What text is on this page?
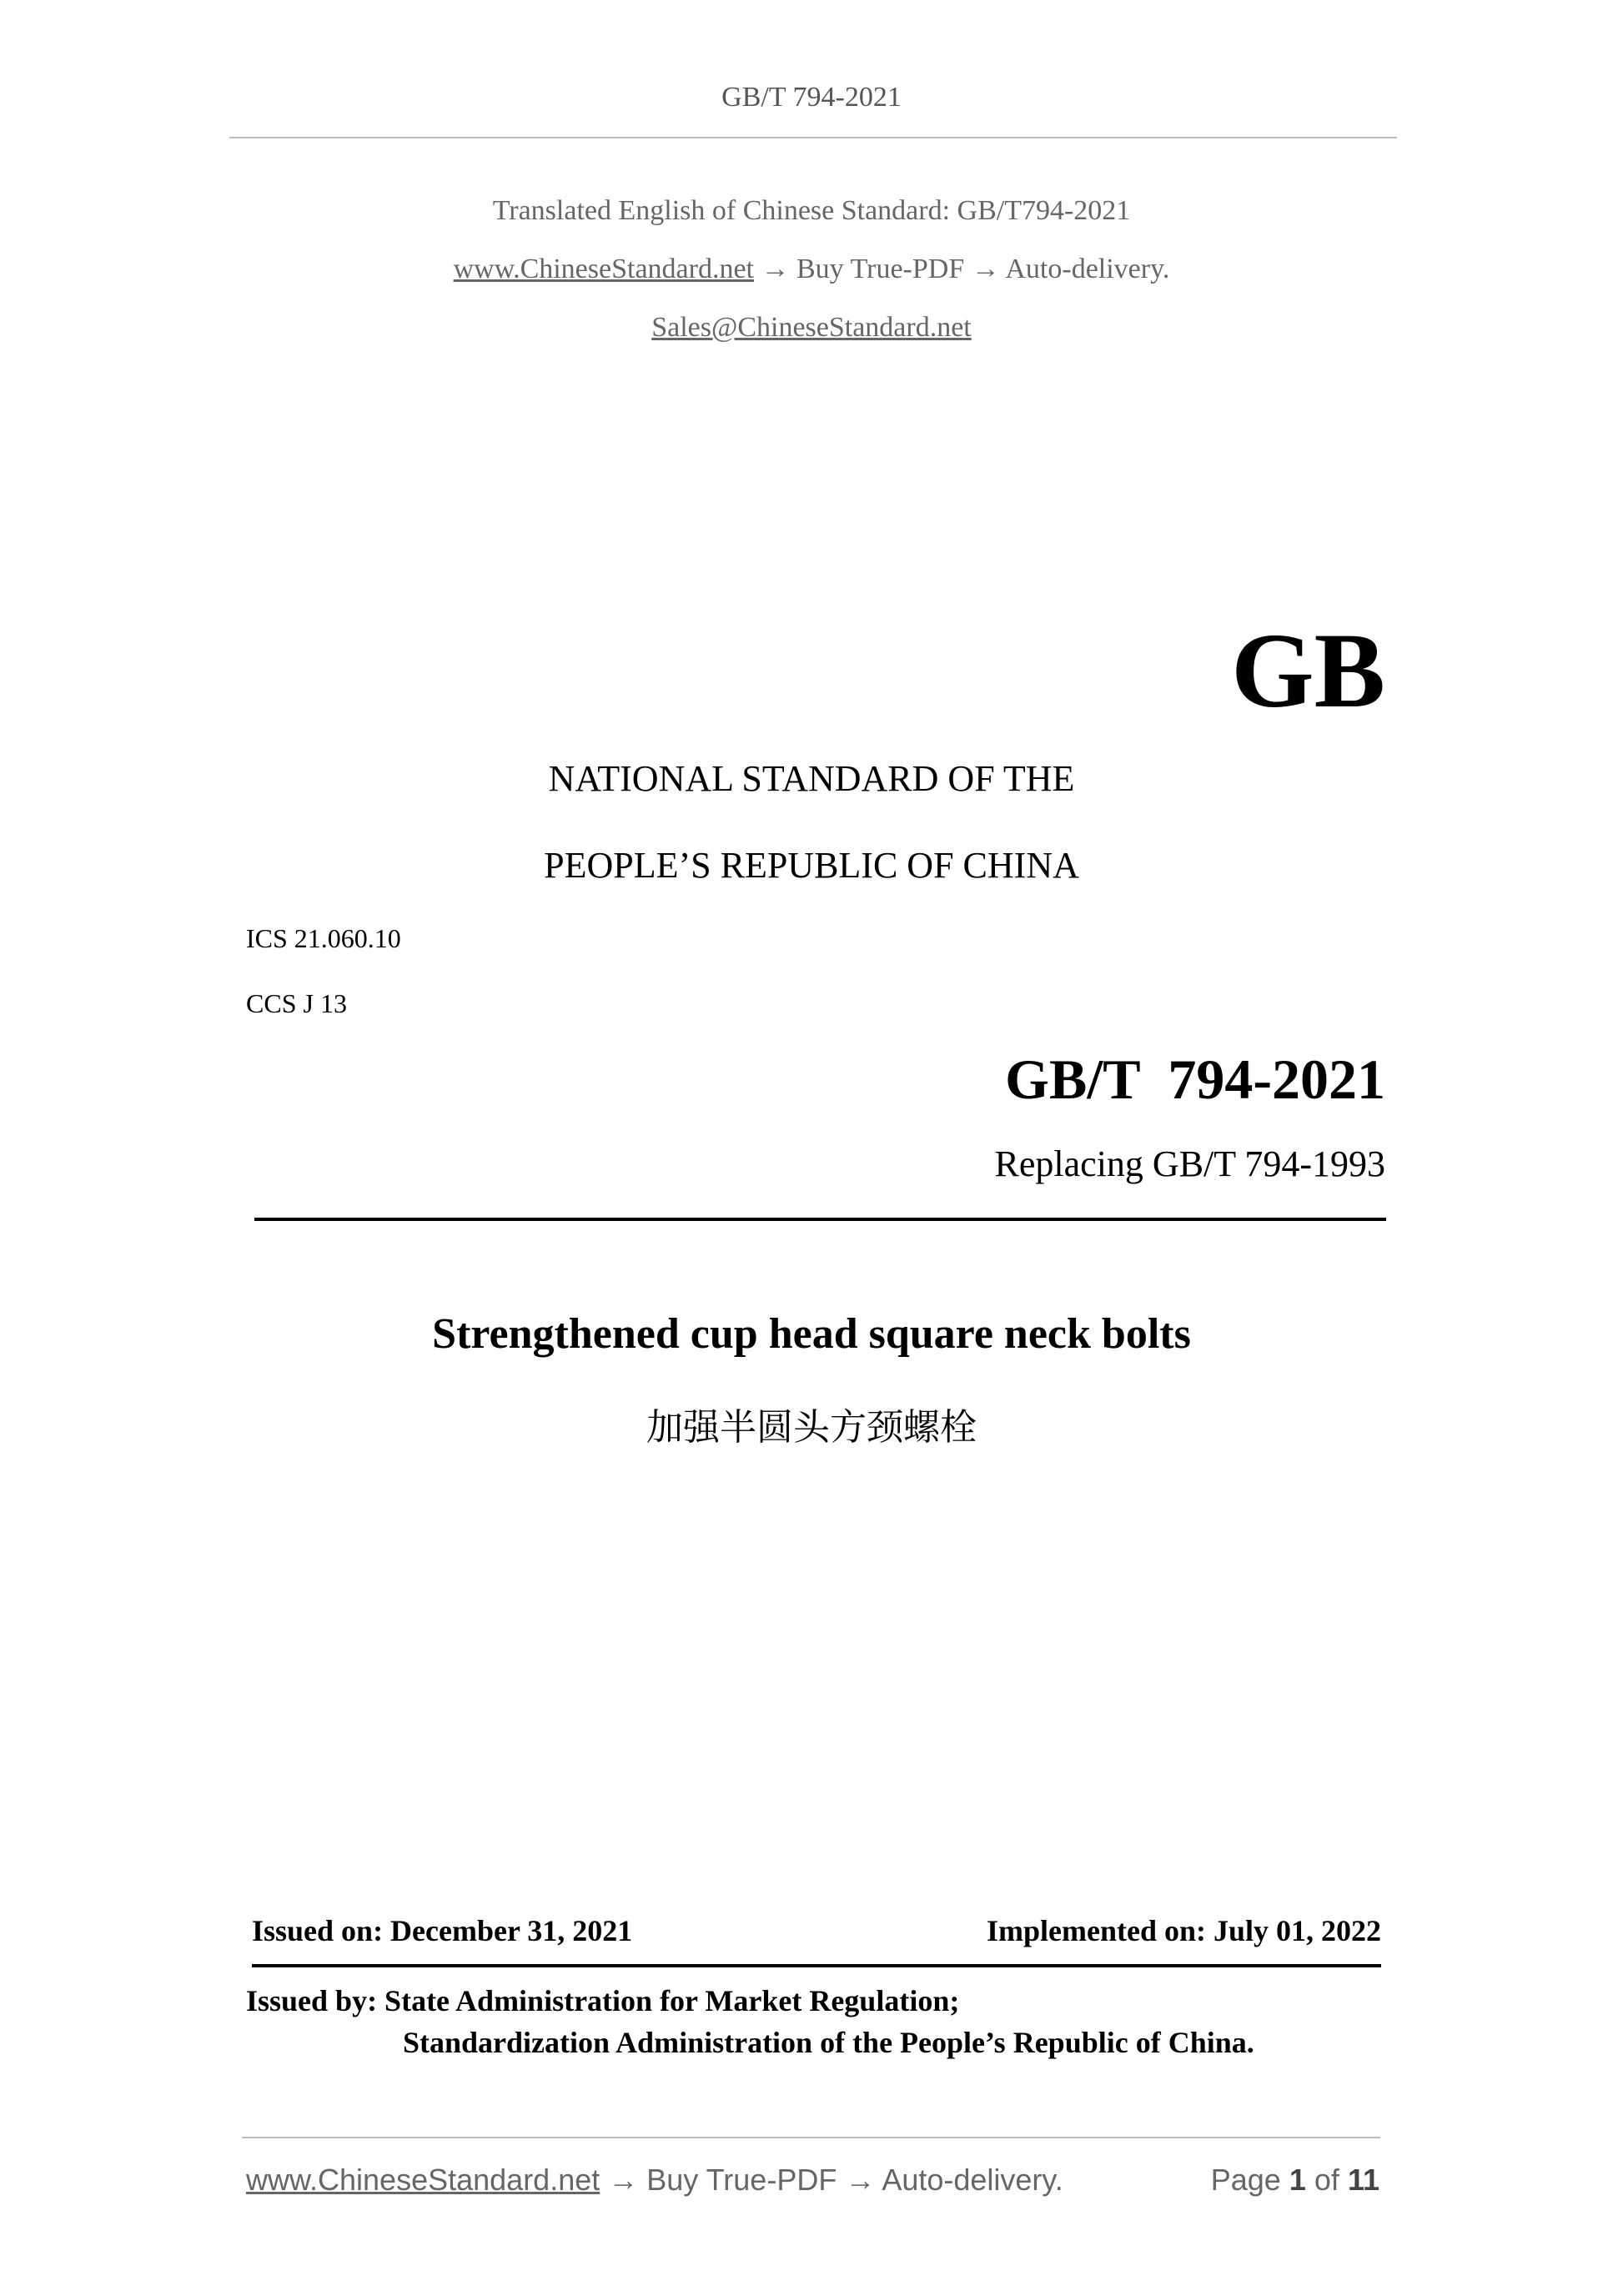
GB/T 794-2021
Translated English of Chinese Standard: GB/T794-2021
www.ChineseStandard.net → Buy True-PDF → Auto-delivery.
Sales@ChineseStandard.net
GB
NATIONAL STANDARD OF THE
PEOPLE’S REPUBLIC OF CHINA
ICS 21.060.10
CCS J 13
GB/T  794-2021
Replacing GB/T 794-1993
Strengthened cup head square neck bolts
加强半圆头方颈螺栓
Issued on: December 31, 2021	Implemented on: July 01, 2022
Issued by: State Administration for Market Regulation;
Standardization Administration of the People’s Republic of China.
www.ChineseStandard.net → Buy True-PDF → Auto-delivery.	Page 1 of 11
